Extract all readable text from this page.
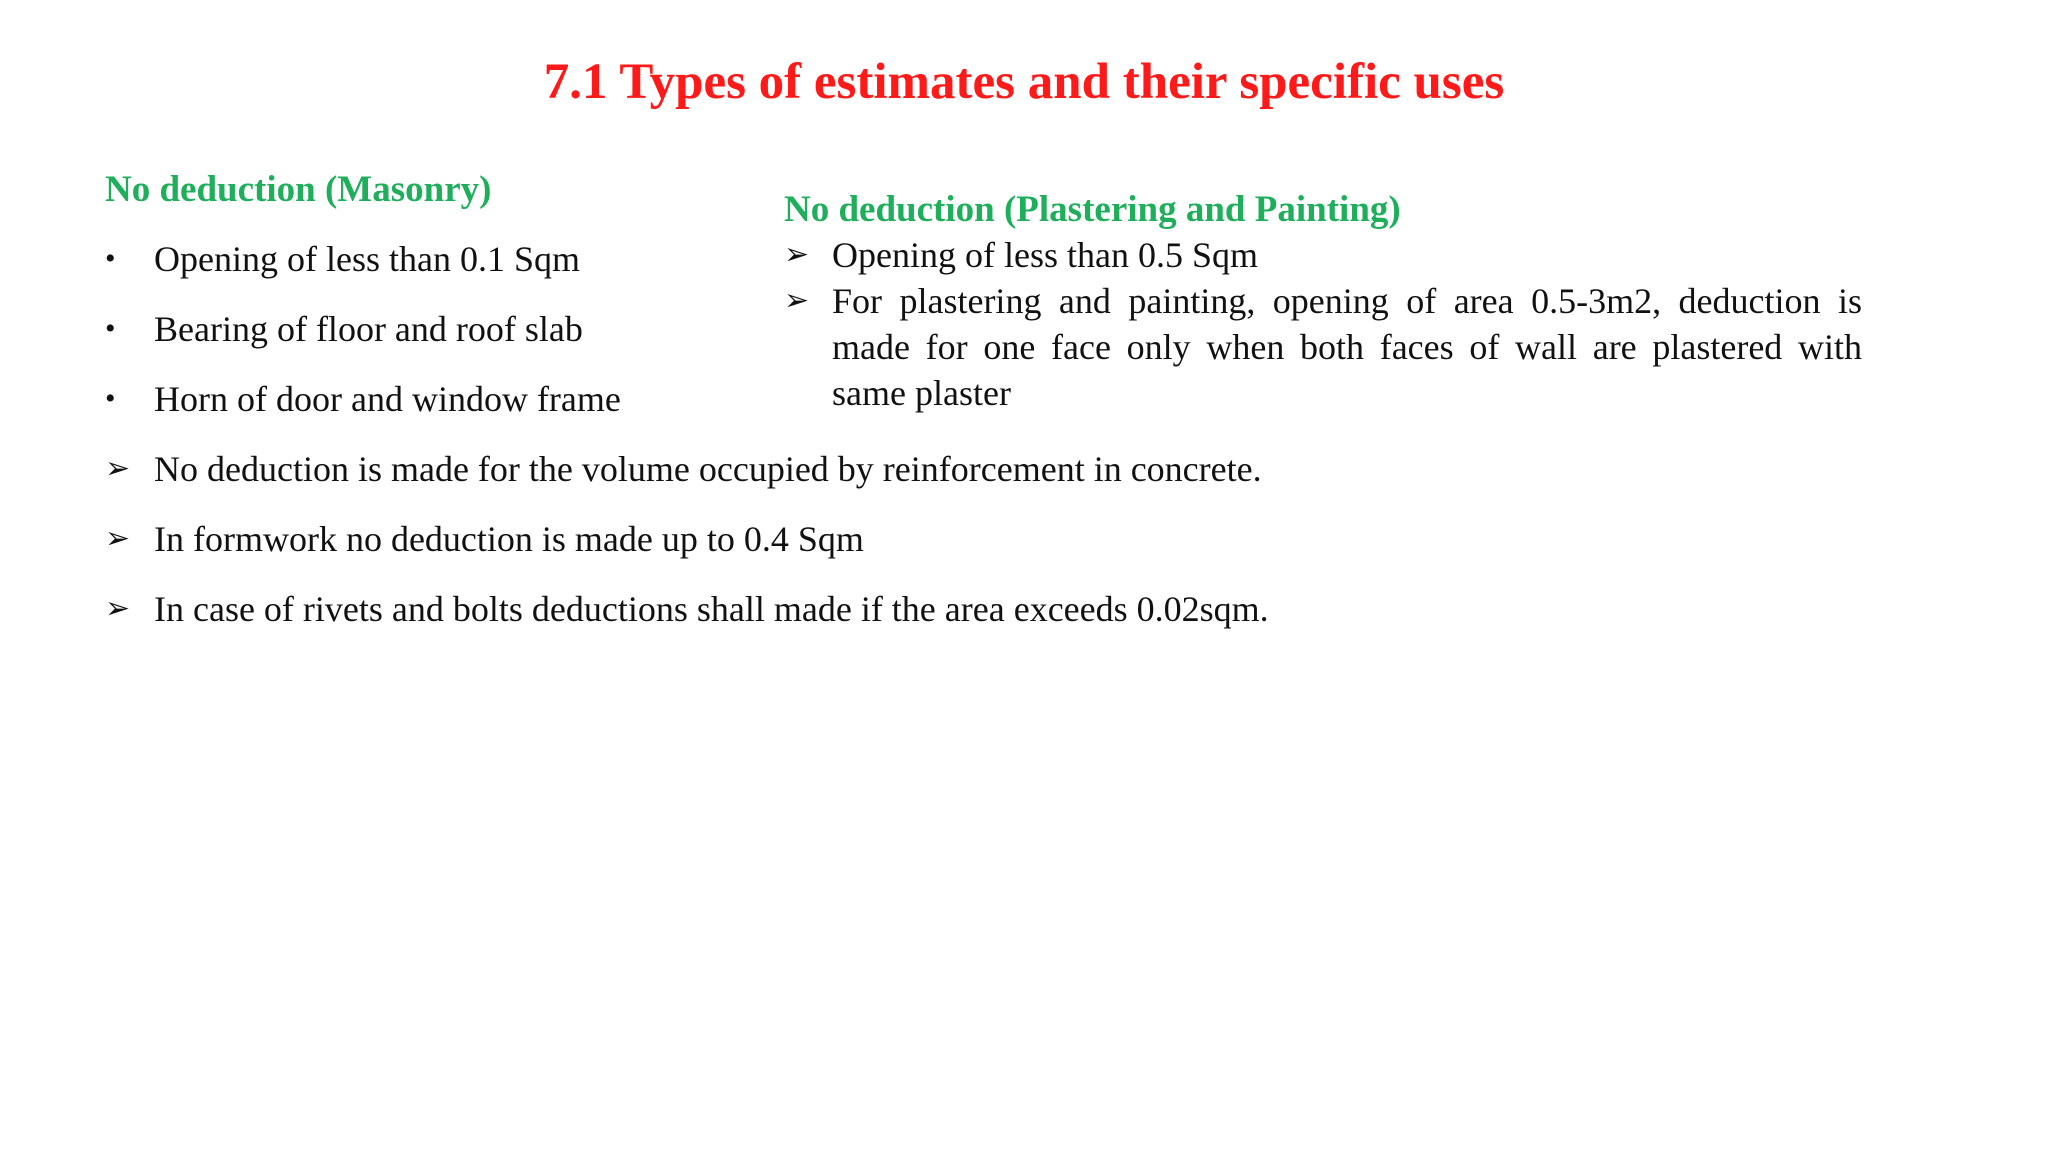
7.1 Types of estimates and their specific uses
No deduction (Masonry)
• Opening of less than 0.1 Sqm
• Bearing of floor and roof slab
• Horn of door and window frame
No deduction (Plastering and Painting)
➢ Opening of less than 0.5 Sqm
➢ For plastering and painting, opening of area 0.5-3m2, deduction is made for one face only when both faces of wall are plastered with same plaster
➢ No deduction is made for the volume occupied by reinforcement in concrete.
➢ In formwork no deduction is made up to 0.4 Sqm
➢ In case of rivets and bolts deductions shall made if the area exceeds 0.02sqm.
